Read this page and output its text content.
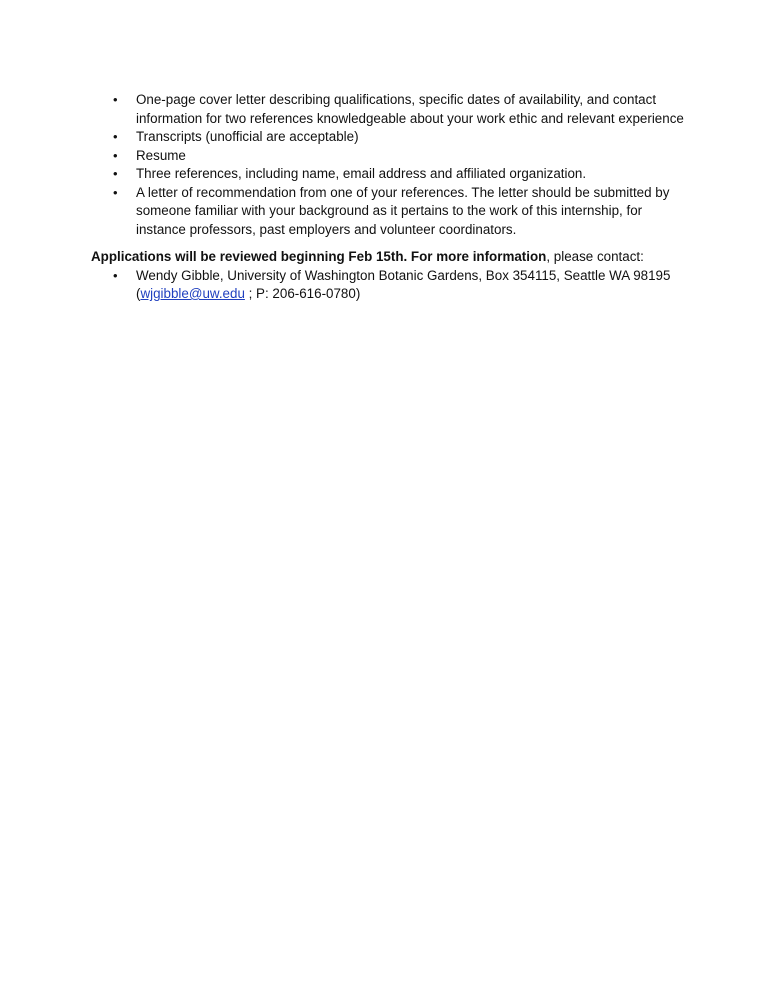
• One-page cover letter describing qualifications, specific dates of availability, and contact information for two references knowledgeable about your work ethic and relevant experience
• Transcripts (unofficial are acceptable)
• Resume
• Three references, including name, email address and affiliated organization.
• A letter of recommendation from one of your references. The letter should be submitted by someone familiar with your background as it pertains to the work of this internship, for instance professors, past employers and volunteer coordinators.

Applications will be reviewed beginning Feb 15th. For more information, please contact:

• Wendy Gibble, University of Washington Botanic Gardens, Box 354115, Seattle WA 98195 (wjgibble@uw.edu ; P: 206-616-0780)
